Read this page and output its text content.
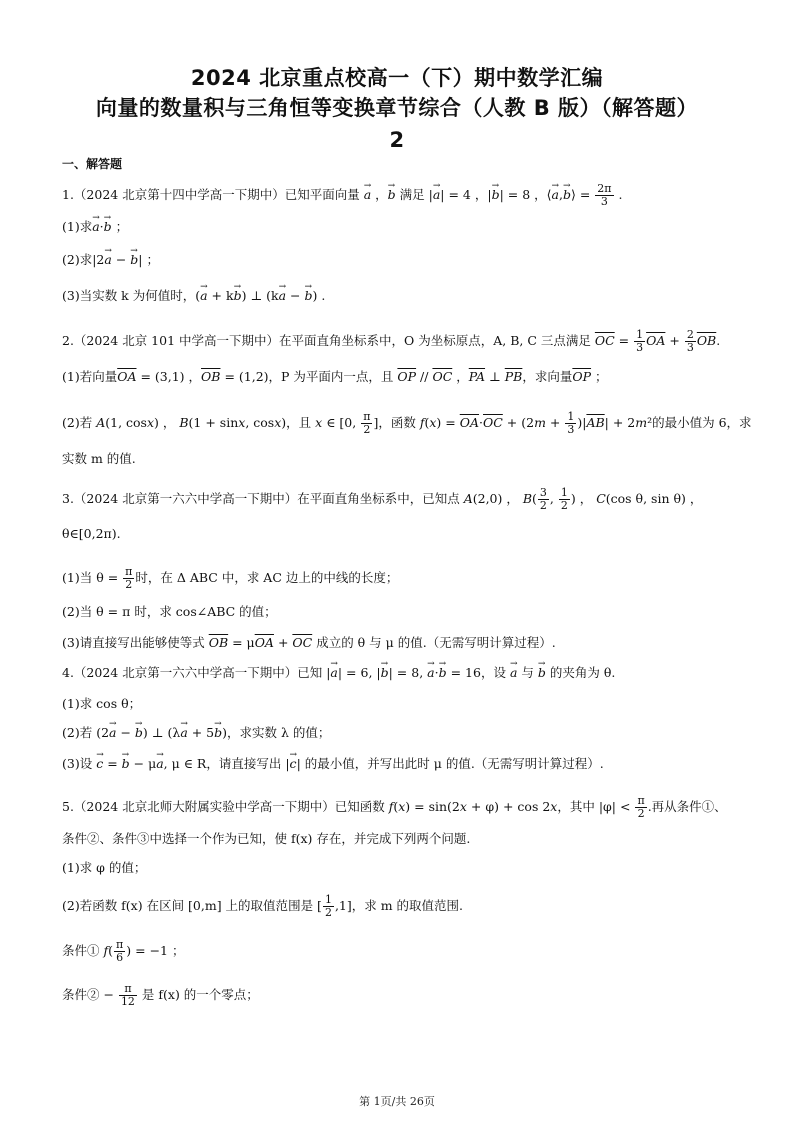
2024 北京重点校高一（下）期中数学汇编
向量的数量积与三角恒等变换章节综合（人教 B 版）（解答题）
2
一、解答题
1.（2024 北京第十四中学高一下期中）已知平面向量 → a ，→ b 满足 |→ a| = 4 ，|→ b| = 8 ，⟨→ a,→ b⟩ = $\frac{2\pi}{3}$ .
(1)求→ a·→ b ；
(2)求|2→ a − → b| ；
(3)当实数 k 为何值时，(→ a + k→ b) ⊥ (k→ a − → b) .
2.（2024 北京 101 中学高一下期中）在平面直角坐标系中，O 为坐标原点，A, B, C 三点满足 $\overline{OC} = \frac{1}{3} \overline{OA} + \frac{2}{3} \overline{OB}$.
(1)若向量$\overline{OA} = (3,1)$ ，$\overline{OB} = (1,2)$，P 为平面内一点，且 $\overline{OP} // \overline{OC}$ ，$\overline{PA}$ ⊥ $\overline{PB}$，求向量$\overline{OP}$ ；
(2)若 A(1, cosx) ， B(1 + sinx, cosx)，且 x ∈ [0, $\frac{\pi}{2}$ ]，函数 $f(x) = \overline{OA}\cdot\overline{OC} + (2m + \frac{1}{3} )|\overline{AB}| + 2m^2$的最小值为 6，求
实数 m 的值.
3.（2024 北京第一六六中学高一下期中）在平面直角坐标系中，已知点 A(2,0) ， $B( \frac{3}{2}$ , $\frac{1}{2}$ ) ， C(cos θ, sin θ) ，
θ∈[0,2π).
(1)当 $\theta = \frac{\pi}{2}$ 时，在 Δ ABC 中，求 AC 边上的中线的长度；
(2)当 θ = π 时，求 cos∠ABC 的值；
(3)请直接写出能够使等式 $\overline{OB} = \mu\overline{OA} + \overline{OC}$ 成立的 θ 与 μ 的值.（无需写明计算过程）.
4.（2024 北京第一六六中学高一下期中）已知 |→ a| = 6, |→ b| = 8, → a·→ b = 16，设 → a 与 → b 的夹角为 θ.
(1)求 cos θ；
(2)若 (2→ a − → b) ⊥ (λ→ a + 5→ b)，求实数 λ 的值；
(3)设 → c = → b − μ→ a, μ ∈ R，请直接写出 |→ c| 的最小值，并写出此时 μ 的值.（无需写明计算过程）.
5.（2024 北京北师大附属实验中学高一下期中）已知函数 f(x) = sin(2x + φ) + cos 2x，其中 $|\varphi| < \frac{\pi}{2}$ .再从条件①、
条件②、条件③中选择一个作为已知，使 f(x) 存在，并完成下列两个问题.
(1)求 φ 的值；
(2)若函数 f(x) 在区间 [0,m] 上的取值范围是 [ $\frac{1}{2} ,1$]，求 m 的取值范围.
条件① $f( \frac{\pi}{6}$ ) = −1 ；
条件② − $\frac{\pi}{12}$ 是 f(x) 的一个零点；
第 1页/共 26页
